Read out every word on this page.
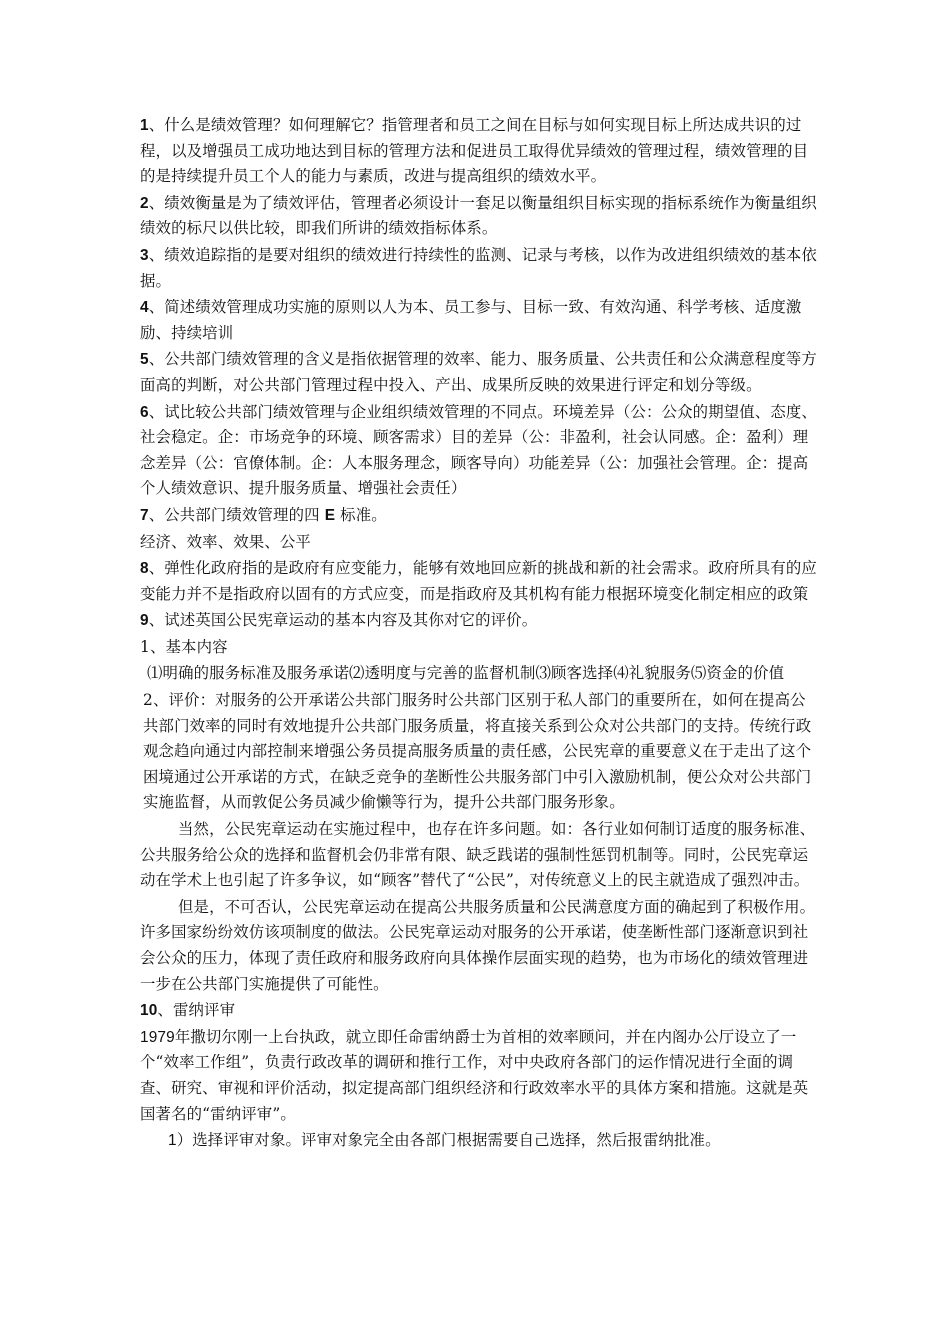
1、什么是绩效管理？如何理解它？指管理者和员工之间在目标与如何实现目标上所达成共识的过程，以及增强员工成功地达到目标的管理方法和促进员工取得优异绩效的管理过程，绩效管理的目的是持续提升员工个人的能力与素质，改进与提高组织的绩效水平。

2、绩效衡量是为了绩效评估，管理者必须设计一套足以衡量组织目标实现的指标系统作为衡量组织绩效的标尺以供比较，即我们所讲的绩效指标体系。

3、绩效追踪指的是要对组织的绩效进行持续性的监测、记录与考核，以作为改进组织绩效的基本依据。

4、简述绩效管理成功实施的原则以人为本、员工参与、目标一致、有效沟通、科学考核、适度激励、持续培训

5、公共部门绩效管理的含义是指依据管理的效率、能力、服务质量、公共责任和公众满意程度等方面高的判断，对公共部门管理过程中投入、产出、成果所反映的效果进行评定和划分等级。

6、试比较公共部门绩效管理与企业组织绩效管理的不同点。环境差异（公：公众的期望值、态度、社会稳定。企：市场竞争的环境、顾客需求）目的差异（公：非盈利，社会认同感。企：盈利）理念差异（公：官僚体制。企：人本服务理念，顾客导向）功能差异（公：加强社会管理。企：提高个人绩效意识、提升服务质量、增强社会责任）

7、公共部门绩效管理的四 E 标准。

经济、效率、效果、公平

8、弹性化政府指的是政府有应变能力，能够有效地回应新的挑战和新的社会需求。政府所具有的应变能力并不是指政府以固有的方式应变，而是指政府及其机构有能力根据环境变化制定相应的政策

9、试述英国公民宪章运动的基本内容及其你对它的评价。

1、基本内容

⑴明确的服务标准及服务承诺⑵透明度与完善的监督机制⑶顾客选择⑷礼貌服务⑸资金的价值

2、评价：对服务的公开承诺公共部门服务时公共部门区别于私人部门的重要所在，如何在提高公共部门效率的同时有效地提升公共部门服务质量，将直接关系到公众对公共部门的支持。传统行政观念趋向通过内部控制来增强公务员提高服务质量的责任感，公民宪章的重要意义在于走出了这个困境通过公开承诺的方式，在缺乏竞争的垄断性公共服务部门中引入激励机制，便公众对公共部门实施监督，从而敦促公务员减少偷懒等行为，提升公共部门服务形象。

当然，公民宪章运动在实施过程中，也存在许多问题。如：各行业如何制订适度的服务标准、公共服务给公众的选择和监督机会仍非常有限、缺乏践诺的强制性惩罚机制等。同时，公民宪章运动在学术上也引起了许多争议，如“顾客”替代了“公民”，对传统意义上的民主就造成了强烈冲击。

但是，不可否认，公民宪章运动在提高公共服务质量和公民满意度方面的确起到了积极作用。许多国家纷纷效仿该项制度的做法。公民宪章运动对服务的公开承诺，使垄断性部门逐渐意识到社会公众的压力，体现了责任政府和服务政府向具体操作层面实现的趋势，也为市场化的绩效管理进一步在公共部门实施提供了可能性。

10、雷纳评审

1979年撒切尔刚一上台执政，就立即任命雷纳爵士为首相的效率顾问，并在内阁办公厅设立了一个“效率工作组”，负责行政改革的调研和推行工作，对中央政府各部门的运作情况进行全面的调查、研究、审视和评价活动，拟定提高部门组织经济和行政效率水平的具体方案和措施。这就是英国著名的“雷纳评审”。

1）选择评审对象。评审对象完全由各部门根据需要自己选择，然后报雷纳批准。
